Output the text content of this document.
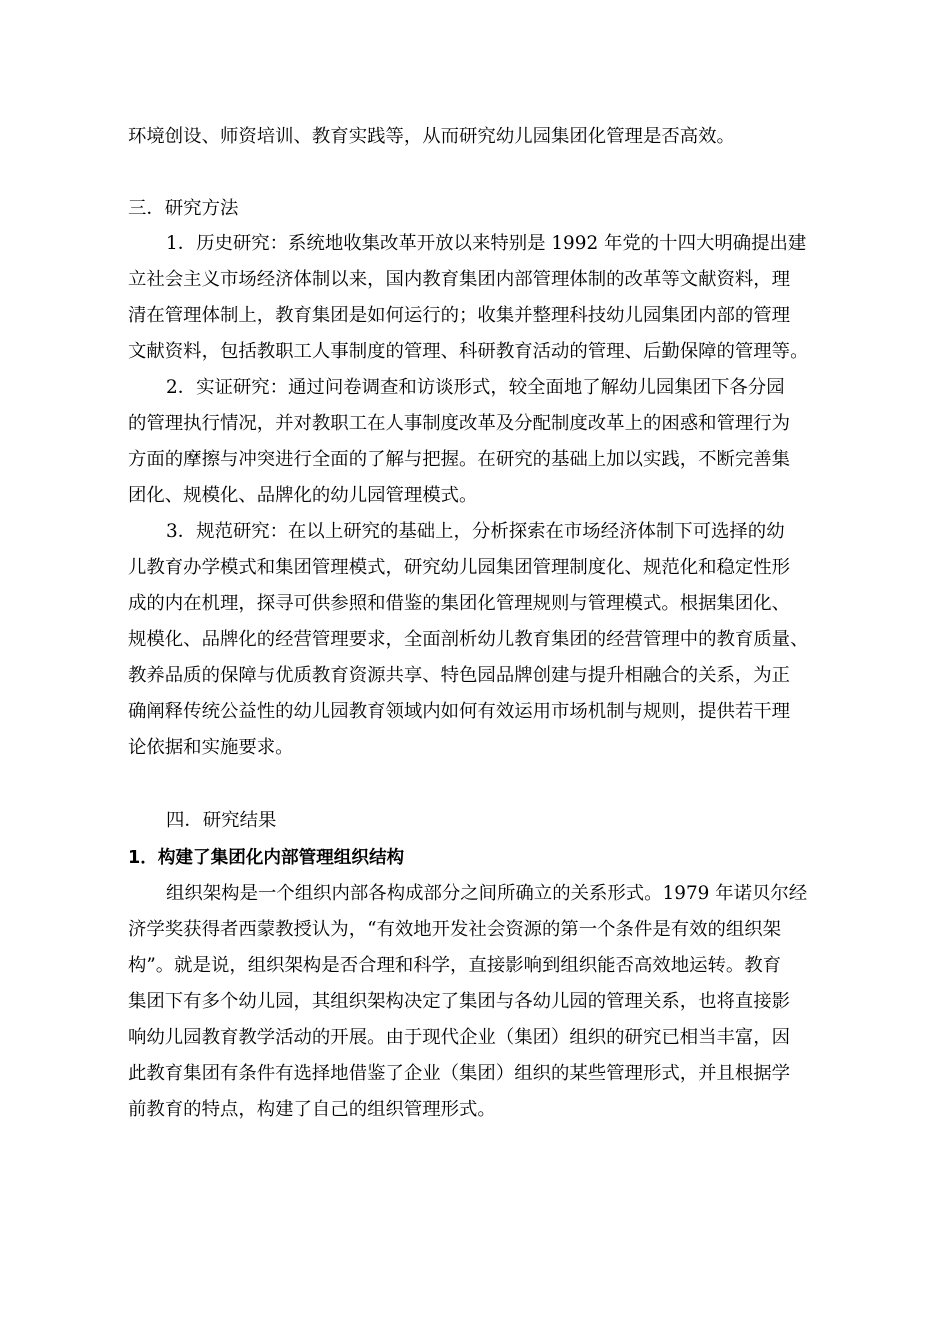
环境创设、师资培训、教育实践等，从而研究幼儿园集团化管理是否高效。
三．研究方法
1．历史研究：系统地收集改革开放以来特别是 1992 年党的十四大明确提出建
立社会主义市场经济体制以来，国内教育集团内部管理体制的改革等文献资料，理
清在管理体制上，教育集团是如何运行的；收集并整理科技幼儿园集团内部的管理
文献资料，包括教职工人事制度的管理、科研教育活动的管理、后勤保障的管理等。
2．实证研究：通过问卷调查和访谈形式，较全面地了解幼儿园集团下各分园
的管理执行情况，并对教职工在人事制度改革及分配制度改革上的困惑和管理行为
方面的摩擦与冲突进行全面的了解与把握。在研究的基础上加以实践，不断完善集
团化、规模化、品牌化的幼儿园管理模式。
3．规范研究：在以上研究的基础上，分析探索在市场经济体制下可选择的幼
儿教育办学模式和集团管理模式，研究幼儿园集团管理制度化、规范化和稳定性形
成的内在机理，探寻可供参照和借鉴的集团化管理规则与管理模式。根据集团化、
规模化、品牌化的经营管理要求，全面剖析幼儿教育集团的经营管理中的教育质量、
教养品质的保障与优质教育资源共享、特色园品牌创建与提升相融合的关系，为正
确阐释传统公益性的幼儿园教育领域内如何有效运用市场机制与规则，提供若干理
论依据和实施要求。
四．研究结果
1．构建了集团化内部管理组织结构
组织架构是一个组织内部各构成部分之间所确立的关系形式。1979 年诺贝尔经
济学奖获得者西蒙教授认为，“有效地开发社会资源的第一个条件是有效的组织架
构”。就是说，组织架构是否合理和科学，直接影响到组织能否高效地运转。教育
集团下有多个幼儿园，其组织架构决定了集团与各幼儿园的管理关系，也将直接影
响幼儿园教育教学活动的开展。由于现代企业（集团）组织的研究已相当丰富，因
此教育集团有条件有选择地借鉴了企业（集团）组织的某些管理形式，并且根据学
前教育的特点，构建了自己的组织管理形式。
